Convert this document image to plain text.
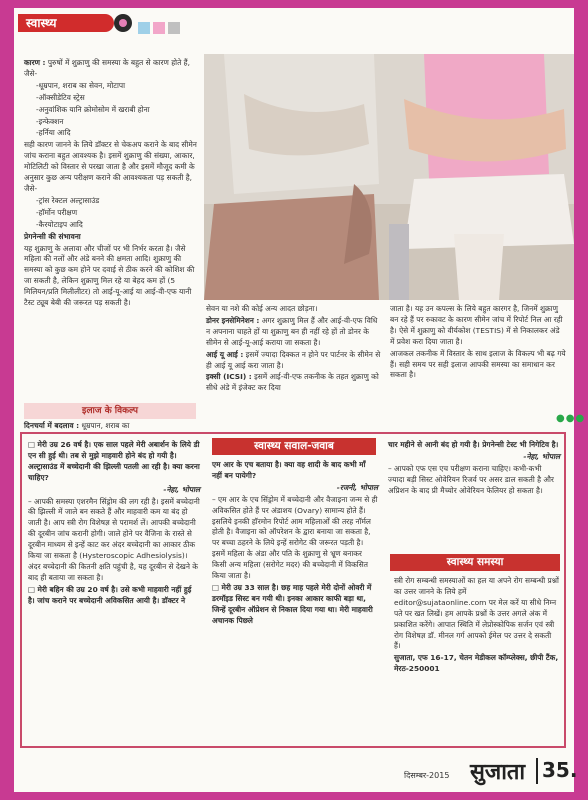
स्वास्थ्य
कारण : पुरुषों में शुक्राणु की समस्या के बहुत से कारण होते हैं, जैसे-
-धूम्रपान, शराब का सेवन, मोटापा
-ऑक्सीडेटिव स्ट्रेस
-अनुवांशिक यानि क्रोमोसोम में खराबी होना
-इन्फेक्शन
-हर्निया आदि
सही कारण जानने के लिये डॉक्टर से चेकअप कराने के बाद सीमेन जांच कराना बहुत आवश्यक है। इसमें शुक्राणु की संख्या, आकार, मोटिलिटी को विस्तार से परखा जाता है और इसमें मौजूद कमी के अनुसार कुछ अन्य परीक्षण कराने की आवश्यकता पड़ सकती है, जैसे-
-ट्रांस रेक्टल अल्ट्रासाउंड
-हॉर्मोन परीक्षण
-कैरयोटाइप आदि
प्रेगनेन्सी की संभावना
यह शुक्राणु के अलावा और चीजों पर भी निर्भर करता है। जैसे महिला की नलों और अंडे बनने की क्षमता आदि। शुक्राणु की समस्या को कुछ कम होने पर दवाई से ठीक करने की कोशिश की जा सकती है, लेकिन शुक्राणु मिल रहे या बेहद कम हों (5 मिलियन/प्रति मिलीलीटर) तो आई-यू-आई या आई-वी-एफ यानी टैस्ट ट्यूब बेबी की जरूरत पड़ सकती है।
इलाज के विकल्प
दिनचर्या में बदलाव : धूम्रपान, शराब का
सेवन या नशे की कोई अन्य आदत छोड़ना।
डोनर इनसेमिनेशन : अगर शुक्राणु मिल हैं और आई-वी-एफ विधि न अपनाना चाहते हों या शुक्राणु बन ही नहीं रहे हों तो डोनर के सीमेन से आई-यू-आई कराया जा सकता है।
आई यू आई : इसमें ज्यादा दिक्कत न होने पर पार्टनर के सीमेन से ही आई यू आई करा जाता है।
इक्सी (ICSI) : इसमें आई-वी-एफ तकनीक के तहत शुक्राणु को सीधे अंडे में इंजेक्ट कर दिया
जाता है। यह उन कपल्स के लिये बहुत कारगर है, जिनमें शुक्राणु बन रहे हैं पर रुकावट के कारण सीमेन जांच में रिपोर्ट निल आ रही है। ऐसे में शुक्राणु को वीर्यकोश (TESTIS) में से निकालकर अंडे में प्रवेश करा दिया जाता है।
आजकल तकनीक में विस्तार के साथ इलाज के विकल्प भी बढ़ गये हैं। सही समय पर सही इलाज आपकी समस्या का समाधान कर सकता है।
●●●
□ मेरी उम्र 26 वर्ष है। एक साल पहले मेरी अबार्शन के लिये डी एन सी हुई थी। तब से मुझे माहवारी होने बंद हो गयी है। अल्ट्रासाउंड में बच्चेदानी की झिल्ली पतली आ रही है। क्या करना चाहिए?
-नेहा, भोपाल
– आपकी समस्या एशरमैन सिंड्रोम की लग रही है। इसमें बच्चेदानी की झिल्ली में जाले बन सकते हैं और माहवारी कम या बंद हो जाती है। आप स्त्री रोग विशेषज्ञ से परामर्श लें। आपकी बच्चेदानी की दूरबीन जांच करानी होगी। जाले होने पर वैजिना के रास्ते से दूरबीन माध्यम से इन्हें काट कर अंदर बच्चेदानी का आकार ठीक किया जा सकता है (Hysteroscopic Adhesiolysis)। अंदर बच्चेदानी की कितनी क्षति पहुंची है, यह दूरबीन से देखने के बाद ही बताया जा सकता है।
□ मेरी बहिन की उम्र 20 वर्ष है। उसे कभी माहवारी नहीं हुई है। जांच कराने पर बच्चेदानी अविकसित आयी है। डॉक्टर ने
स्वास्थ्य सवाल-जवाब
एम आर के एच बताया है। क्या वह शादी के बाद कभी माँ नहीं बन पायेगी?
-रजनी, भोपाल
– एम आर के एच सिंड्रोम में बच्चेदानी और वैजाइना जन्म से ही अविकसित होते हैं पर अंडाशय (Ovary) सामान्य होते हैं। इसलिये इनकी हॉरमोन रिपोर्ट आम महिलाओं की तरह नॉर्मल होती है। वैजाइना को ऑपरेशन के द्वारा बनाया जा सकता है, पर बच्चा ठहरने के लिये इन्हें सरोगेट की जरूरत पड़ती है। इसमें महिला के अंडा और पति के शुक्राणु से भ्रूण बनाकर किसी अन्य महिला (सरोगेट मदर) की बच्चेदानी में विकसित किया जाता है।
□ मेरी उम्र 33 साल है। छह माह पहले मेरी दोनों ओवरी में डरमॉइड सिस्ट बन गयी थी। इनका आकार काफी बड़ा था, जिन्हें दूरबीन ऑप्रेशन से निकाल दिया गया था। मेरी माहवारी अचानक पिछले
चार महीने से आनी बंद हो गयी है। प्रेगनेन्सी टेस्ट भी निगेटिव है।
-नेहा, भोपाल
– आपको एफ एस एच परीक्षण कराना चाहिए। कभी-कभी ज्यादा बड़ी सिस्ट ओवेरियन रिजर्व पर असर डाल सकती है और अप्रिशन के बाद प्री मैच्योर ओवेरियन फेलियर हो सकता है।
स्वास्थ्य समस्या
स्त्री रोग सम्बन्धी समस्याओं का हल या अपने रोग सम्बन्धी प्रश्नों का उत्तर जानने के लिये हमें editor@sujataonline.com पर मेल करें या सीधे निम्न पते पर खत लिखें। हम आपके प्रश्नों के उत्तर अगले अंक में प्रकाशित करेंगे। आपात स्थिति में लेप्रोस्कोपिक सर्जन एवं स्त्री रोग विशेषज्ञ डॉ. मीनल गर्ग आपको ईमेल पर उत्तर दे सकती हैं।
सुजाता, एफ 16-17, चेतन मेडीकल कॉम्प्लेक्स, छीपी टैंक, मेरठ-250001
दिसम्बर-2015 सुजाता 35.
